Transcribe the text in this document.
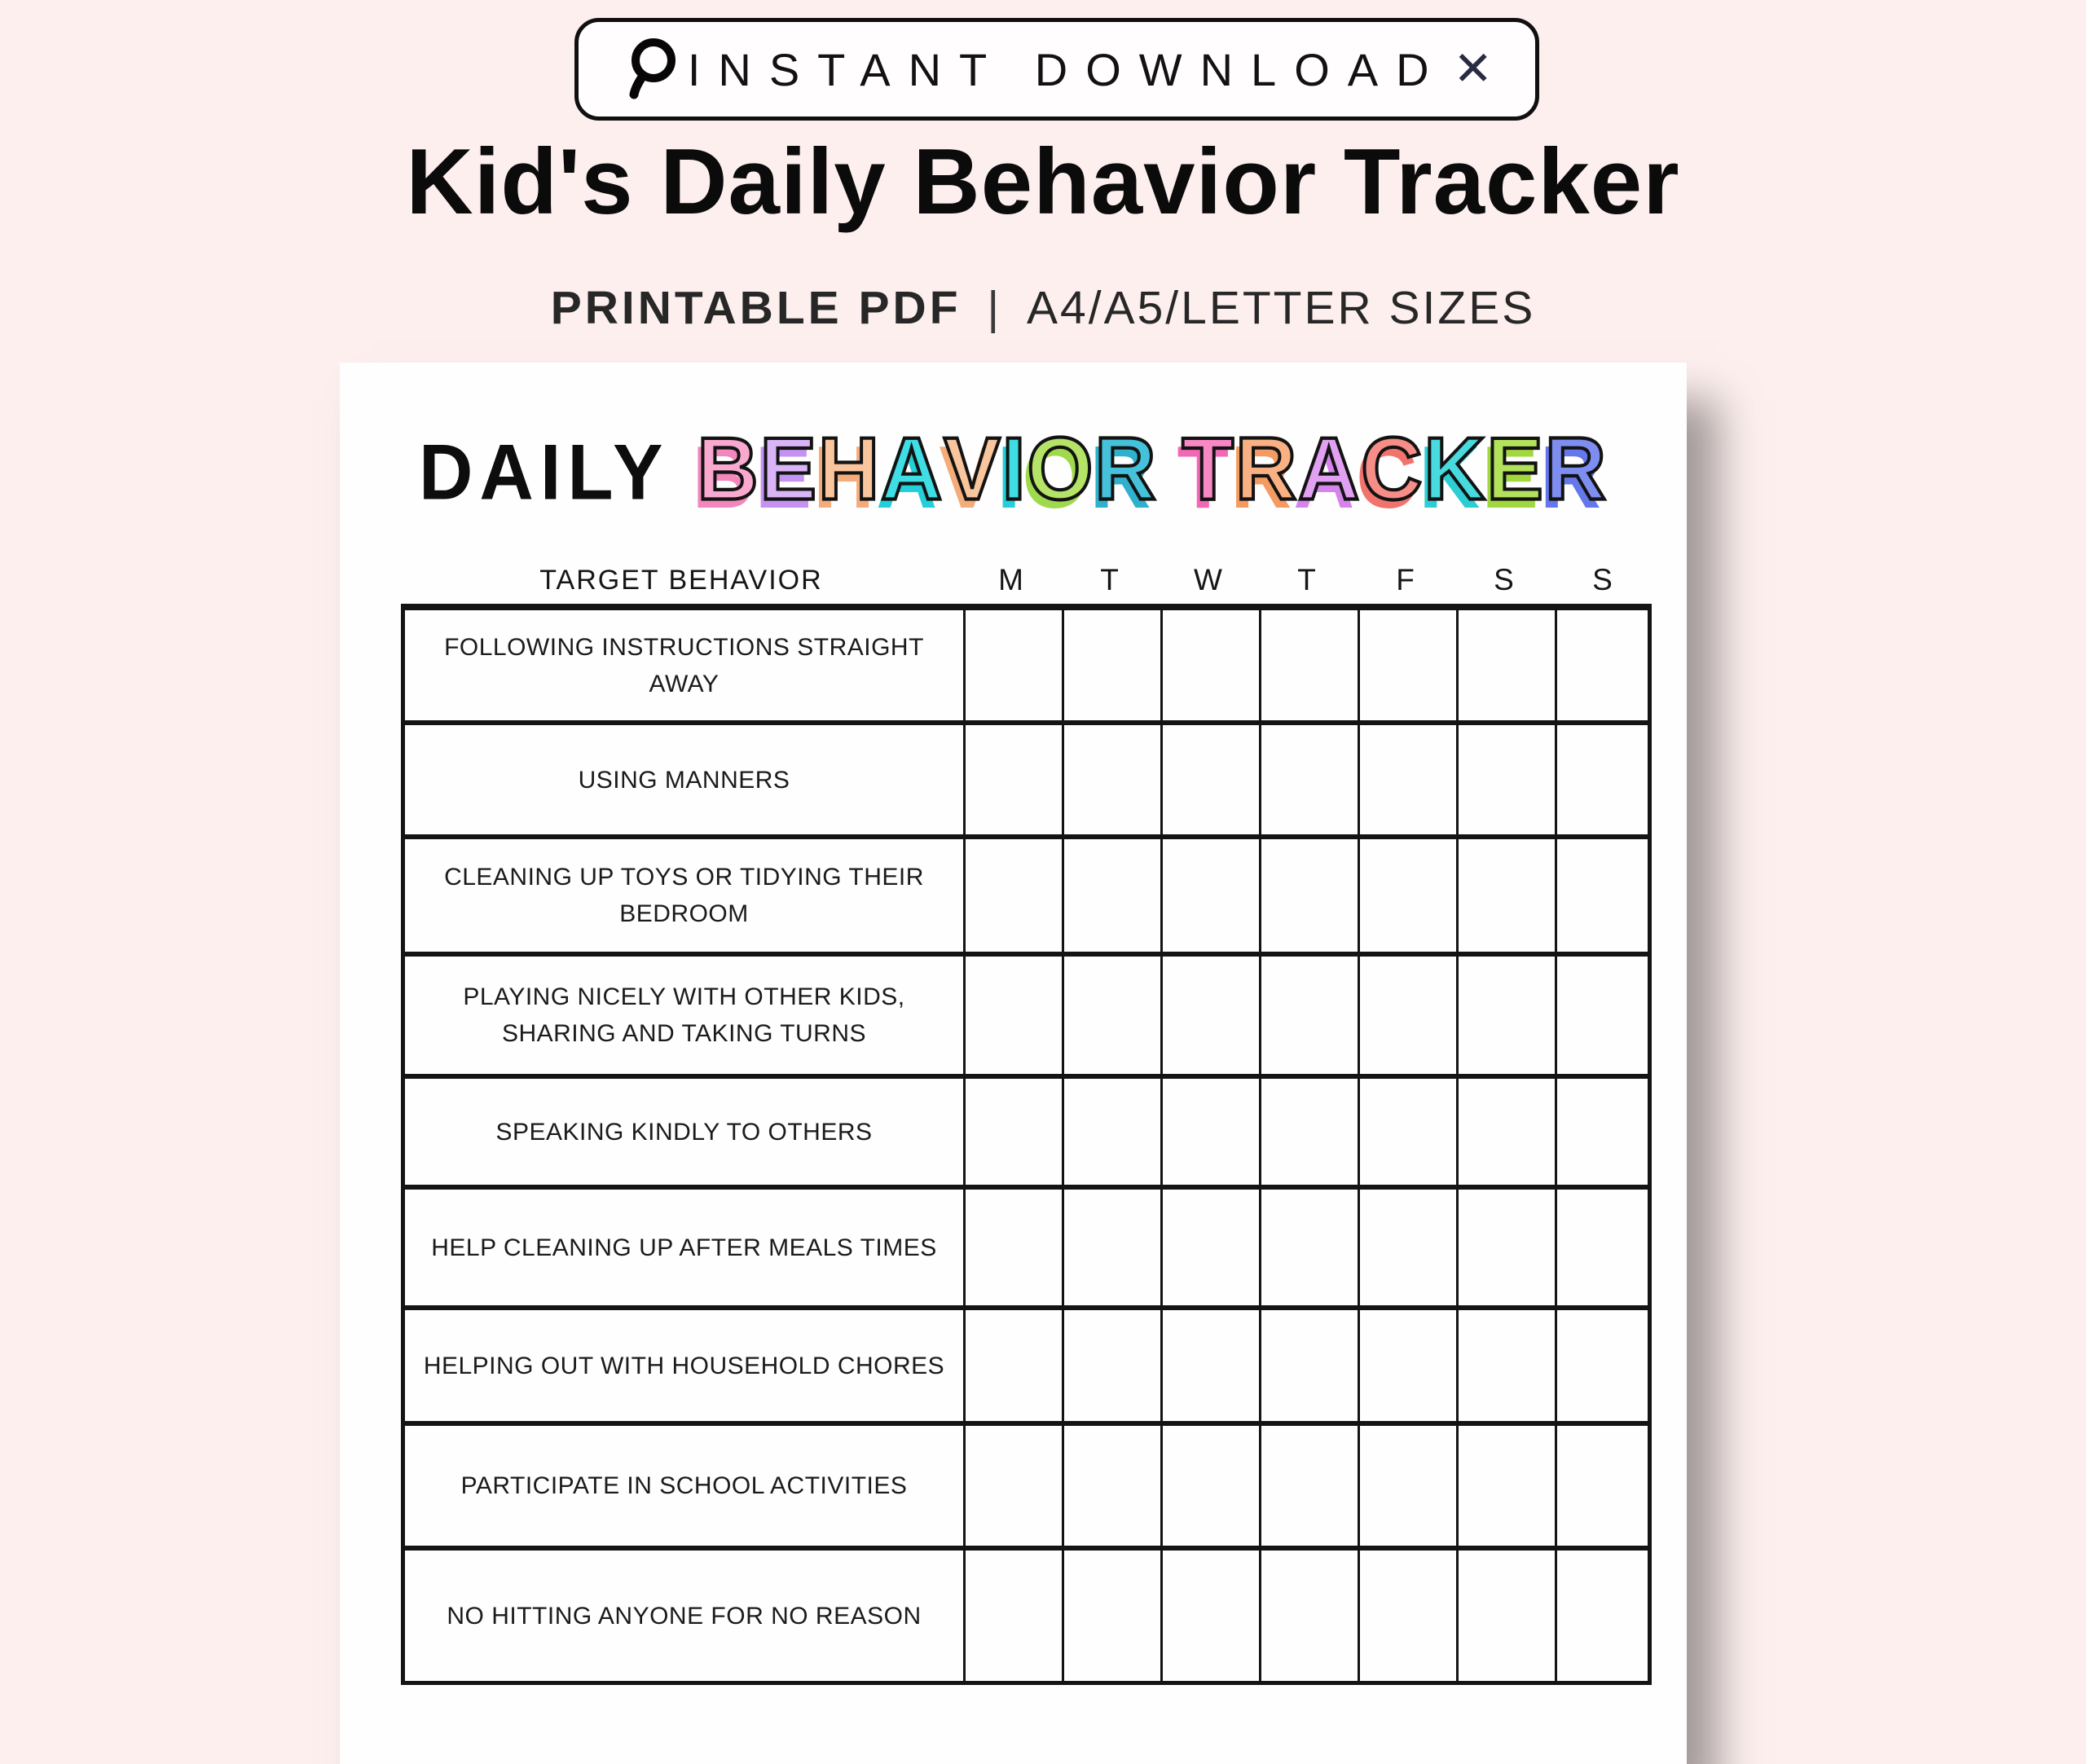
INSTANT DOWNLOAD ✕
Kid's Daily Behavior Tracker
PRINTABLE PDF | A4/A5/LETTER SIZES
DAILY BEHAVIOR TRACKER
TARGET BEHAVIOR	M	T	W	T	F	S	S
FOLLOWING INSTRUCTIONS STRAIGHT AWAY
USING MANNERS
CLEANING UP TOYS OR TIDYING THEIR BEDROOM
PLAYING NICELY WITH OTHER KIDS, SHARING AND TAKING TURNS
SPEAKING KINDLY TO OTHERS
HELP CLEANING UP AFTER MEALS TIMES
HELPING OUT WITH HOUSEHOLD CHORES
PARTICIPATE IN SCHOOL ACTIVITIES
NO HITTING ANYONE FOR NO REASON
